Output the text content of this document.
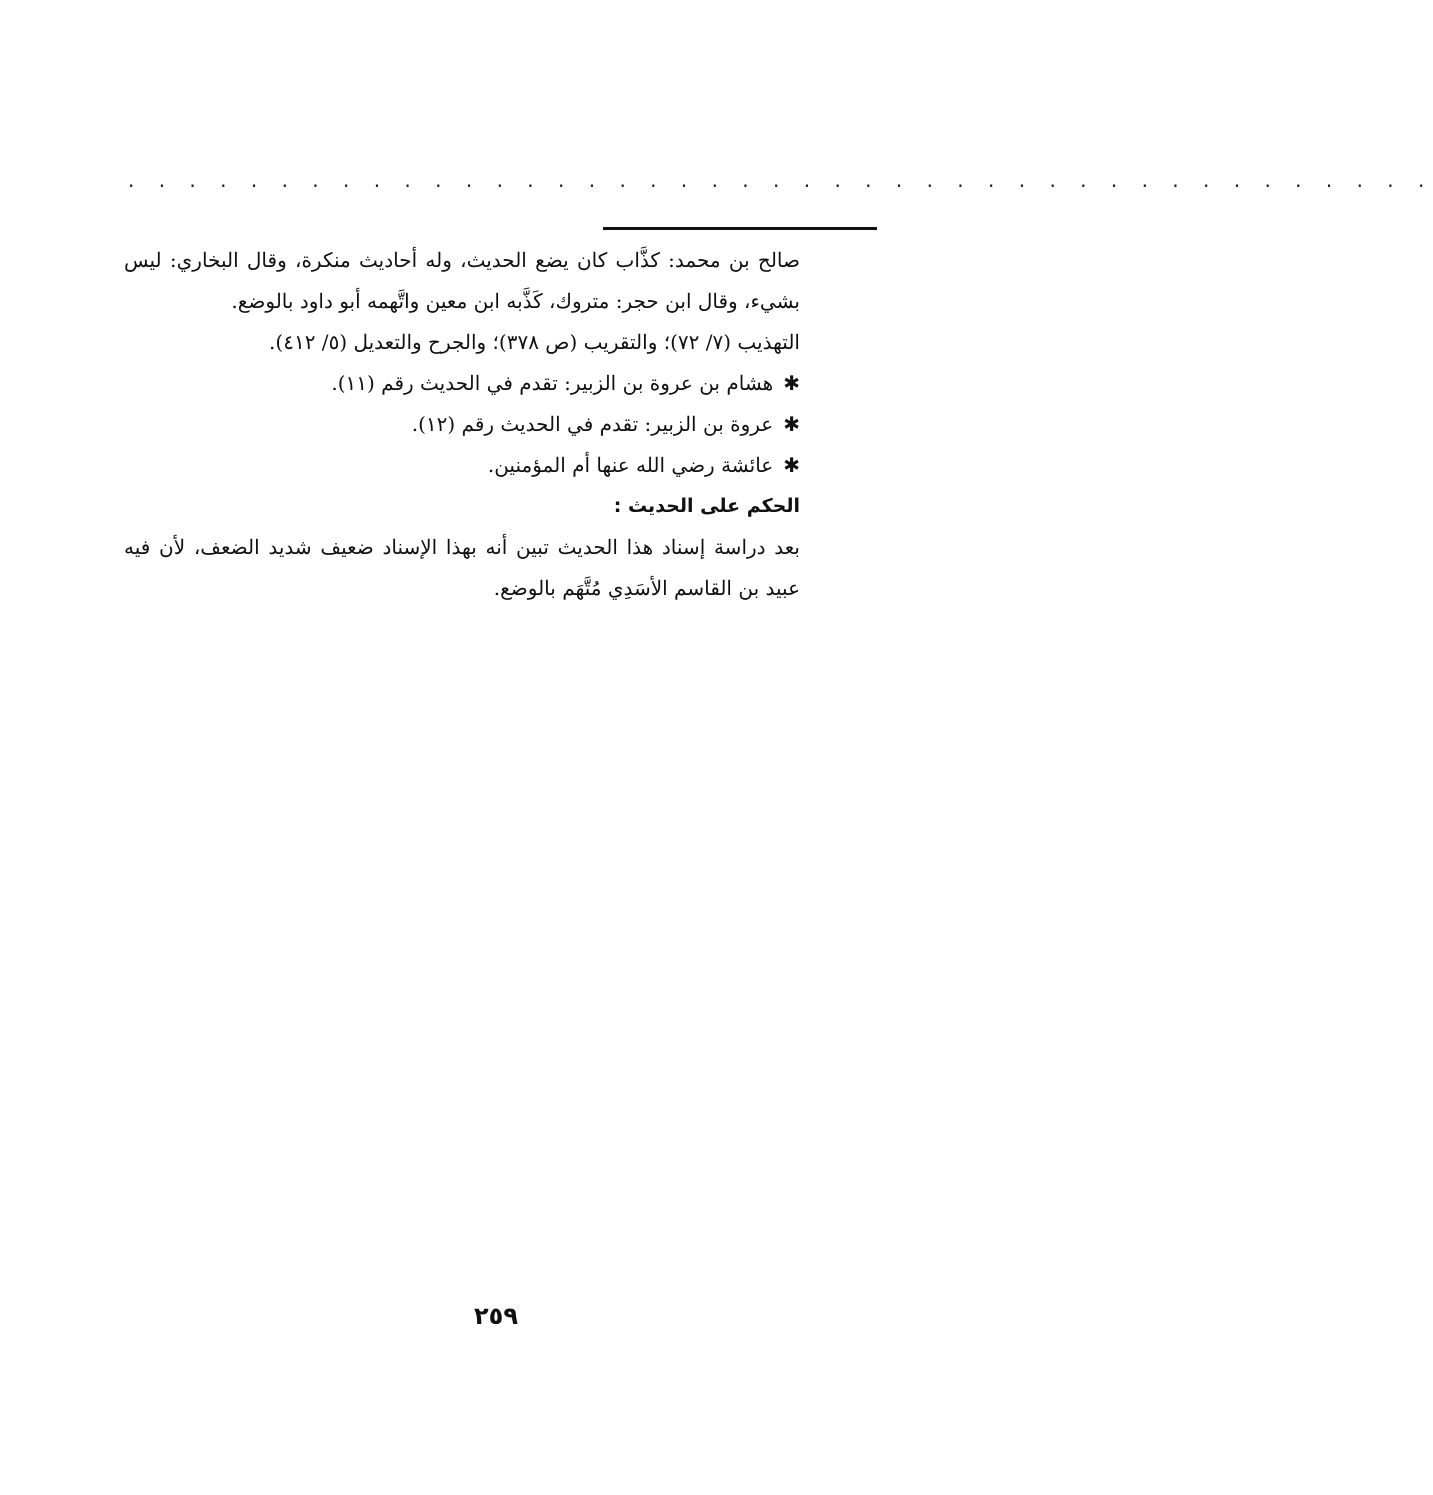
. . . . . . . . . . . . . . . . . . . . . . . . . . . . . . . . . . . . . . . . . . .

صالح بن محمد: كذَّاب كان يضع الحديث، وله أحاديث منكرة، وقال البخاري: ليس بشيء، وقال ابن حجر: متروك، كَذَّبه ابن معين واتَّهمه أبو داود بالوضع.

التهذيب (٧/ ٧٢)؛ والتقريب (ص ٣٧٨)؛ والجرح والتعديل (٥/ ٤١٢).

✱هشام بن عروة بن الزبير: تقدم في الحديث رقم (١١).

✱عروة بن الزبير: تقدم في الحديث رقم (١٢).

✱عائشة رضي الله عنها أم المؤمنين.

الحكم على الحديث :

بعد دراسة إسناد هذا الحديث تبين أنه بهذا الإسناد ضعيف شديد الضعف، لأن فيه عبيد بن القاسم الأسَدِي مُتَّهَم بالوضع.

٢٥٩
